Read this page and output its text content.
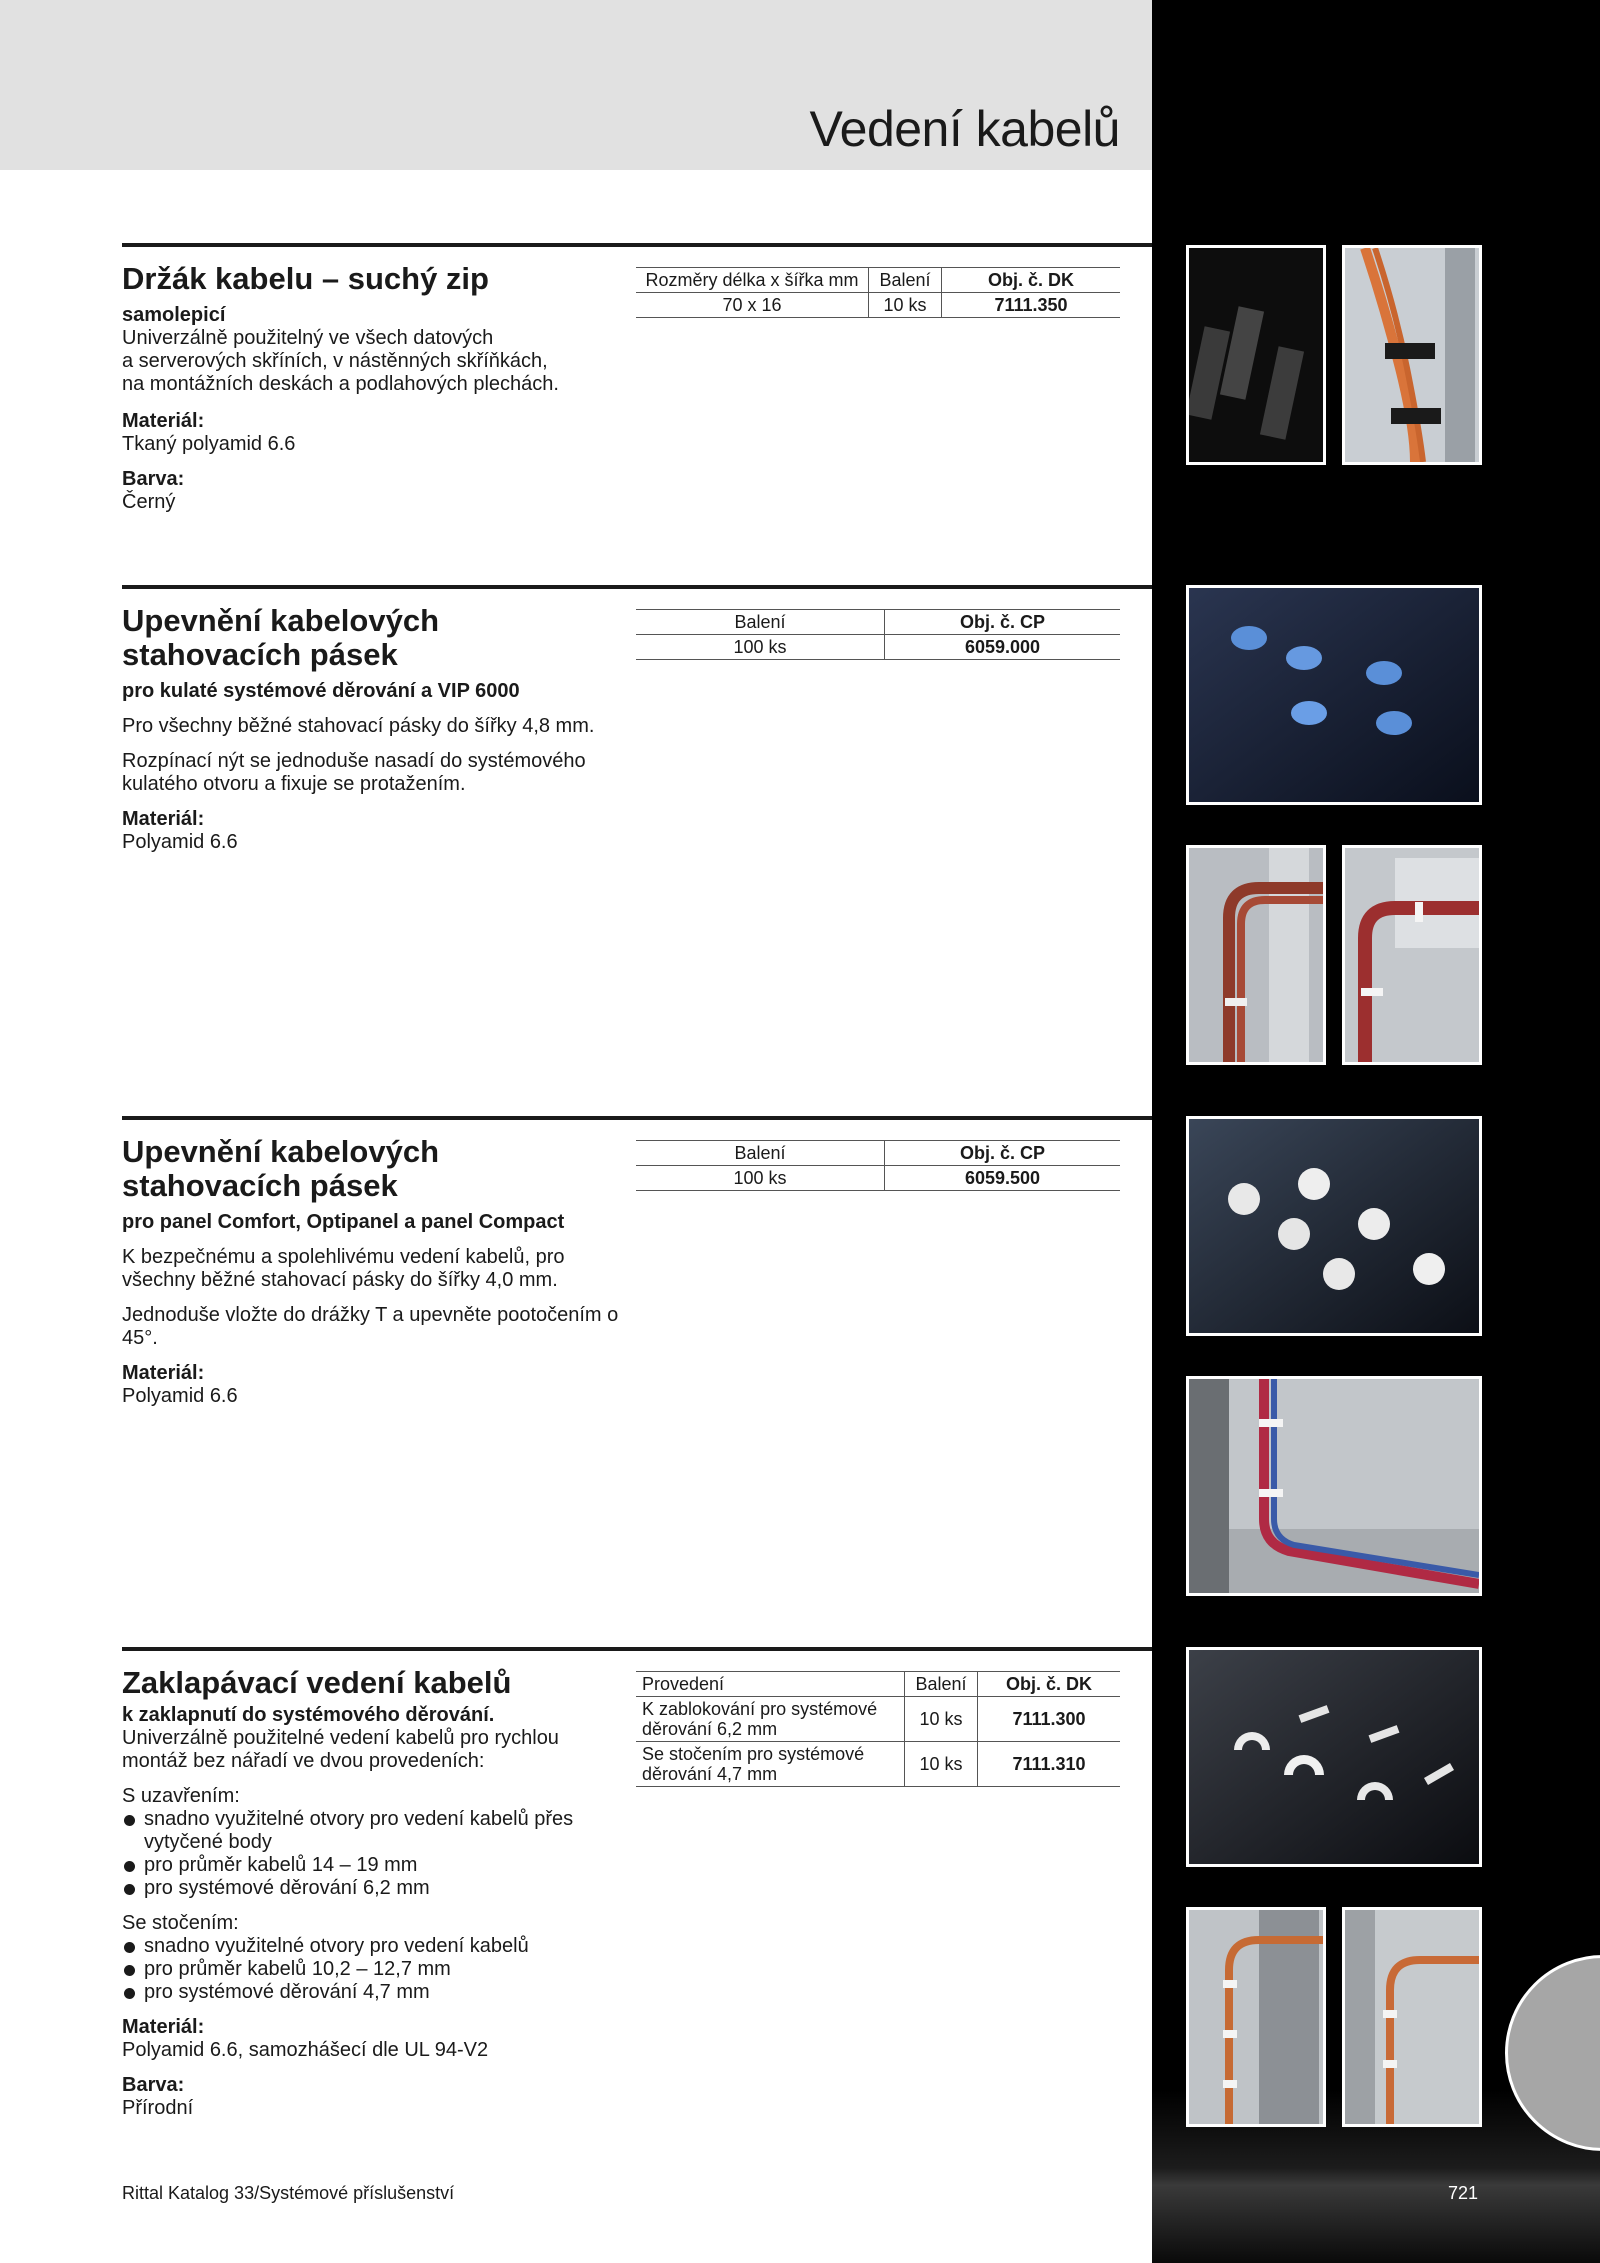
Vedení kabelů
Držák kabelu – suchý zip
samolepicí

Univerzálně použitelný ve všech datových
a serverových skříních, v nástěnných skříňkách,
na montážních deskách a podlahových plechách.

Materiál:
Tkaný polyamid 6.6

Barva:
Černý

Rozměry délka x šířka mm	Balení	Obj. č. DK
70 x 16	10 ks	7111.350
Upevnění kabelových stahovacích pásek
pro kulaté systémové děrování a VIP 6000

Pro všechny běžné stahovací pásky do šířky 4,8 mm.

Rozpínací nýt se jednoduše nasadí do systémového kulatého otvoru a fixuje se protažením.

Materiál:
Polyamid 6.6

Balení	Obj. č. CP
100 ks	6059.000
Upevnění kabelových stahovacích pásek
pro panel Comfort, Optipanel a panel Compact

K bezpečnému a spolehlivému vedení kabelů, pro všechny běžné stahovací pásky do šířky 4,0 mm.

Jednoduše vložte do drážky T a upevněte pootočením o 45°.

Materiál:
Polyamid 6.6

Balení	Obj. č. CP
100 ks	6059.500
Zaklapávací vedení kabelů
k zaklapnutí do systémového děrování.

Univerzálně použitelné vedení kabelů pro rychlou montáž bez nářadí ve dvou provedeních:

S uzavřením:
snadno využitelné otvory pro vedení kabelů přes vytyčené body
pro průměr kabelů 14 – 19 mm
pro systémové děrování 6,2 mm
Se stočením:
snadno využitelné otvory pro vedení kabelů
pro průměr kabelů 10,2 – 12,7 mm
pro systémové děrování 4,7 mm

Materiál:
Polyamid 6.6, samozhášecí dle UL 94-V2

Barva:
Přírodní

Provedení	Balení	Obj. č. DK
K zablokování pro systémové děrování 6,2 mm	10 ks	7111.300
Se stočením pro systémové děrování 4,7 mm	10 ks	7111.310
Rittal Katalog 33/Systémové příslušenství	721
